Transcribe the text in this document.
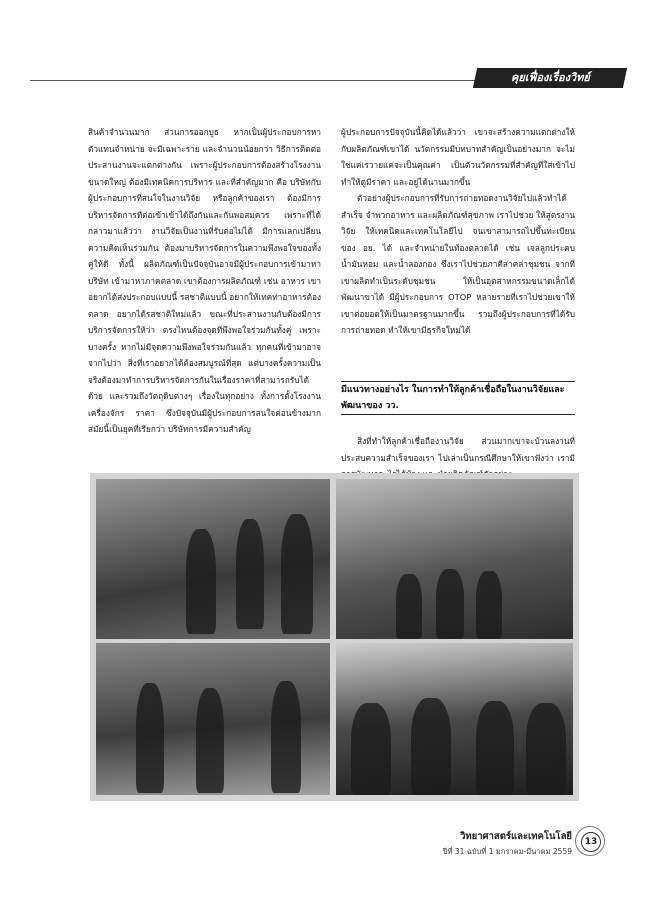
คุยเฟื่องเรื่องวิทย์

สินค้าจำนวนมาก ส่วนการออกบูธ หากเป็นผู้ประกอบการหาตัวแทนจำหน่าย จะมีเฉพาะราย และจำนวนน้อยกว่า วิธีการติดต่อประสานงานจะแตกต่างกัน เพราะผู้ประกอบการต้องสร้างโรงงานขนาดใหญ่ ต้องมีเทคนิคการบริหาร และที่สำคัญมาก คือ บริษัทกับผู้ประกอบการที่สนใจในงานวิจัย หรือลูกค้าของเรา ต้องมีการบริหารจัดการที่ต่อเข้าเข้าได้ถึงกันและกันพอสมควร เพราะที่ได้กล่าวมาแล้วว่า งานวิจัยเป็นงานที่รับต่อไม่ได้ มีการแลกเปลี่ยนความคิดเห็นร่วมกัน ต้องมาบริหารจัดการในความพึงพอใจของทั้งคู่ให้ดี ทั้งนี้ ผลิตภัณฑ์เป็นปัจจุบันอาจมีผู้ประกอบการเข้ามาหาบริษัท เข้ามาหาภาคตลาด เขาต้องการผลิตภัณฑ์ เช่น อาหาร เขาอยากได้ส่งประกอบแบบนี้ รสชาติแบบนี้ อยากให้เทคท่าอาหารต้องตลาด อยากได้รสชาติใหม่แล้ว ขณะที่ประสานงานกับต้องมีการบริการจัดการให้ว่า ตรงไหนต้องจุดที่พึงพอใจร่วมกันทั้งคู่ เพราะบางครั้ง หากไม่มีจุดความพึงพอใจร่วมกันแล้ว ทุกคนที่เข้ามาอาจจากไปว่า สิ่งที่เราอยากได้ต้องสมบูรณ์ที่สุด แต่บางครั้งความเป็นจริงต้องมาทำการบริหารจัดการกันในเรื่องราคาที่สามารถรับได้ด้วย และรวมถึงวัตถุดิบต่างๆ เรื่องในทุกอย่าง ทั้งการตั้งโรงงาน เครื่องจักร ราคา ซึ่งปัจจุบันมีผู้ประกอบการสนใจค่อนข้างมาก สมัยนี้เป็นยุคที่เรียกว่า บริษัทการมีความสำคัญ

ผู้ประกอบการปัจจุบันนี้คิดได้แล้วว่า เขาจะสร้างความแตกต่างให้กับผลิตภัณฑ์เขาได้ นวัตกรรมมีบทบาทสำคัญเป็นอย่างมาก จะไม่ใช่แค่เรวายแค่จะเป็นคุณค่า เป็นตัวนวัตกรรมที่สำคัญที่ใส่เข้าไป ทำให้ดูมีราคา และอยู่ได้นานมากขึ้น

ตัวอย่างผู้ประกอบการที่รับการถ่ายทอดงานวิจัยไปแล้วทำได้สำเร็จ จำพวกอาหาร และผลิตภัณฑ์สุขภาพ เราไปช่วย ให้สูตรงานวิจัย ให้เทคนิคและเทคโนโลยีไป จนเขาสามารถไปขึ้นทะเบียนของ อย. ได้ และจำหน่ายในท้องตลาดได้ เช่น เจลลูกประคบ น้ำมันหอม และน้ำลองกอง ซึ่งเราไปช่วยภาคีสาคล่าชุมชน จากที่เขาผลิตทำเป็นระดับชุมชน ให้เป็นอุตสาหกรรมขนาดเล็กได้ พัฒนาขาได้ มีผู้ประกอบการ OTOP หลายรายที่เราไปช่วยเขาให้เขาต่อยอดให้เป็นมาตรฐานมากขึ้น รวมถึงผู้ประกอบการที่ได้รับการถ่ายทอด ทำให้เขามีธุรกิจใหม่ได้

มีแนวทางอย่างไร ในการทำให้ลูกค้าเชื่อถือในงานวิจัยและพัฒนาของ วว.

สิ่งที่ทำให้ลูกค้าเชื่อถืองานวิจัย ส่วนมากเขาจะบ้วนลงานที่ประสบความสำเร็จของเรา ไปเล่าเป็นกรณีศึกษาให้เขาฟังว่า เรามี

วิทยาศาสตร์และเทคโนโลยี
ปีที่ 31 ฉบับที่ 1 มกราคม-มีนาคม 2559
13
